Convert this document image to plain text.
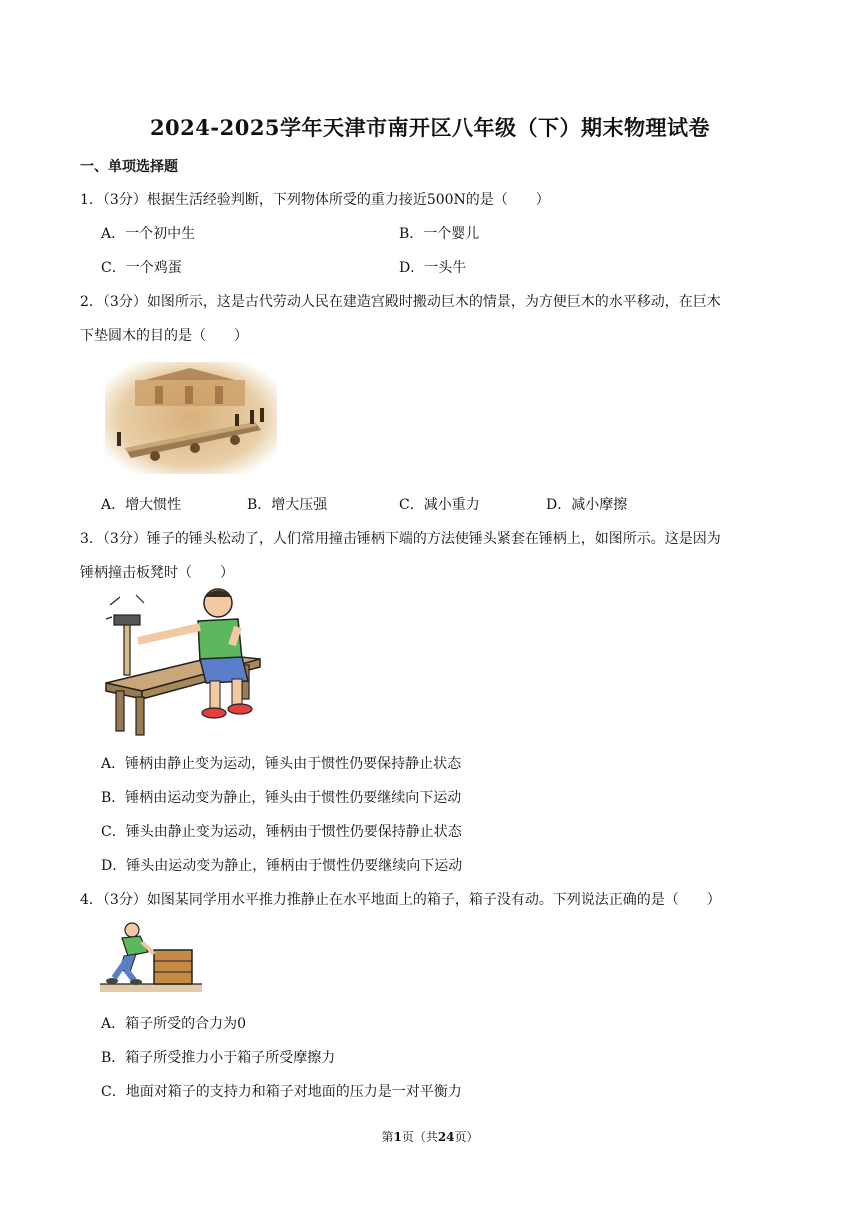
2024-2025学年天津市南开区八年级（下）期末物理试卷
一、单项选择题
1．（3分）根据生活经验判断，下列物体所受的重力接近500N的是（　　）
A．一个初中生	B．一个婴儿
C．一个鸡蛋	D．一头牛
2．（3分）如图所示，这是古代劳动人民在建造宫殿时搬动巨木的情景，为方便巨木的水平移动，在巨木
下垫圆木的目的是（　　）
A．增大惯性	B．增大压强	C．减小重力	D．减小摩擦
3．（3分）锤子的锤头松动了，人们常用撞击锤柄下端的方法使锤头紧套在锤柄上，如图所示。这是因为
锤柄撞击板凳时（　　）
A．锤柄由静止变为运动，锤头由于惯性仍要保持静止状态
B．锤柄由运动变为静止，锤头由于惯性仍要继续向下运动
C．锤头由静止变为运动，锤柄由于惯性仍要保持静止状态
D．锤头由运动变为静止，锤柄由于惯性仍要继续向下运动
4．（3分）如图某同学用水平推力推静止在水平地面上的箱子，箱子没有动。下列说法正确的是（　　）
A．箱子所受的合力为0
B．箱子所受推力小于箱子所受摩擦力
C．地面对箱子的支持力和箱子对地面的压力是一对平衡力
第1页（共24页）
